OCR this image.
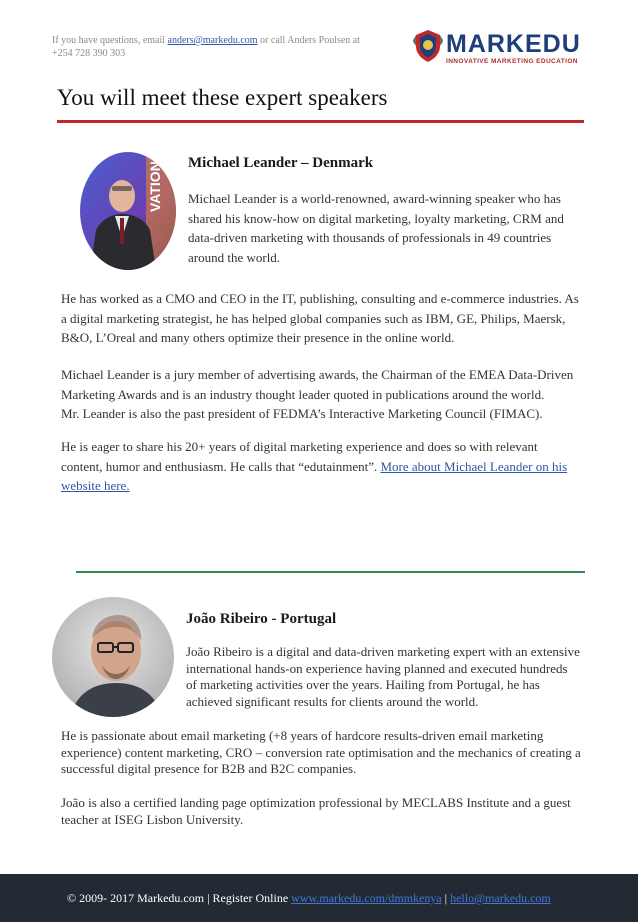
If you have questions, email anders@markedu.com or call Anders Poulsen at +254 728 390 303	MARKEDU
INNOVATIVE MARKETING EDUCATION
You will meet these expert speakers
VATION Michael Leander – Denmark
Michael Leander is a world-renowned, award-winning speaker who has shared his know-how on digital marketing, loyalty marketing, CRM and data-driven marketing with thousands of professionals in 49 countries around the world.
He has worked as a CMO and CEO in the IT, publishing, consulting and e-commerce industries. As a digital marketing strategist, he has helped global companies such as IBM, GE, Philips, Maersk, B&O, L’Oreal and many others optimize their presence in the online world.
Michael Leander is a jury member of advertising awards, the Chairman of the EMEA Data-Driven Marketing Awards and is an industry thought leader quoted in publications around the world.
Mr. Leander is also the past president of FEDMA’s Interactive Marketing Council (FIMAC).
He is eager to share his 20+ years of digital marketing experience and does so with relevant content, humor and enthusiasm. He calls that “edutainment”. More about Michael Leander on his website here.
João Ribeiro - Portugal
João Ribeiro is a digital and data-driven marketing expert with an extensive international hands-on experience having planned and executed hundreds of marketing activities over the years. Hailing from Portugal, he has achieved significant results for clients around the world.
He is passionate about email marketing (+8 years of hardcore results-driven email marketing experience) content marketing, CRO – conversion rate optimisation and the mechanics of creating a successful digital presence for B2B and B2C companies.
João is also a certified landing page optimization professional by MECLABS Institute and a guest teacher at ISEG Lisbon University.
© 2009- 2017 Markedu.com | Register Online www.markedu.com/dmmkenya | hello@markedu.com
